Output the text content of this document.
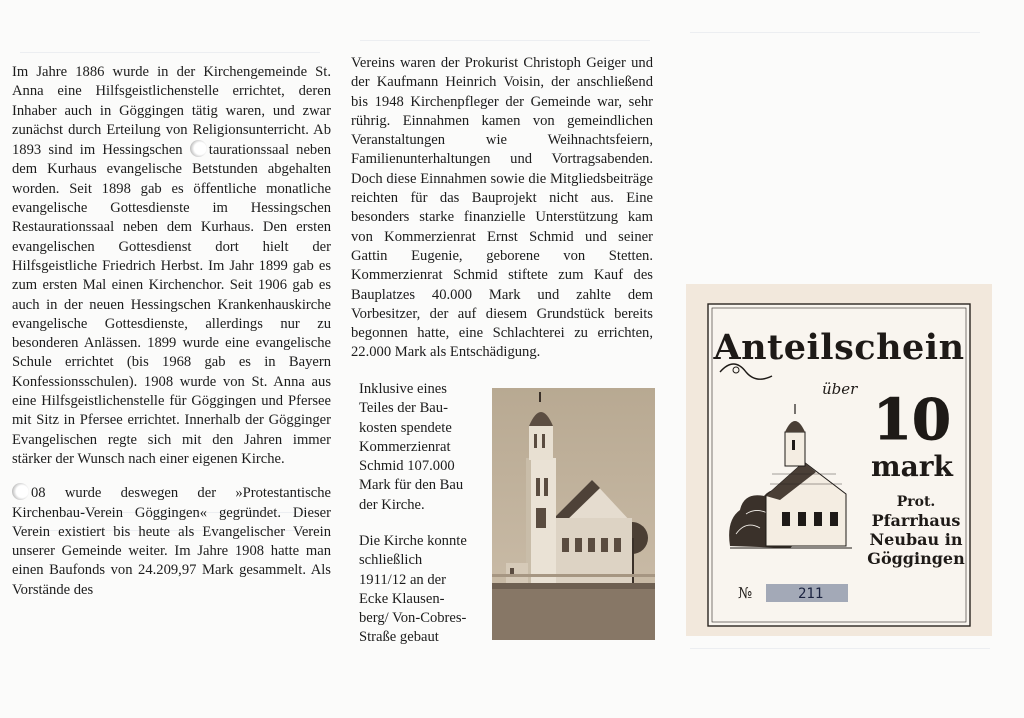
Im Jahre 1886 wurde in der Kirchengemeinde St. Anna eine Hilfsgeistlichenstelle errichtet, deren Inhaber auch in Göggingen tätig waren, und zwar zunächst durch Erteilung von Religionsunterricht. Ab 1893 sind im Hessingschen taurationssaal neben dem Kurhaus evangelische Betstunden abgehalten worden. Seit 1898 gab es öffentliche monatliche evangelische Gottesdienste im Hessingschen Restaurationssaal neben dem Kurhaus. Den ersten evangelischen Gottesdienst dort hielt der Hilfsgeistliche Friedrich Herbst. Im Jahr 1899 gab es zum ersten Mal einen Kirchenchor. Seit 1906 gab es auch in der neuen Hessingschen Krankenhauskirche evangelische Gottesdienste, allerdings nur zu besonderen Anlässen. 1899 wurde eine evangelische Schule errichtet (bis 1968 gab es in Bayern Konfessionsschulen). 1908 wurde von St. Anna aus eine Hilfsgeistlichenstelle für Göggingen und Pfersee mit Sitz in Pfersee errichtet. Innerhalb der Gögginger Evangelischen regte sich mit den Jahren immer stärker der Wunsch nach einer eigenen Kirche.

08 wurde deswegen der »Protestantische Kirchenbau-Verein Göggingen« gegründet. Dieser Verein existiert bis heute als Evangelischer Verein unserer Gemeinde weiter. Im Jahre 1908 hatte man einen Baufonds von 24.209,97 Mark gesammelt. Als Vorstände des

Vereins waren der Prokurist Christoph Geiger und der Kaufmann Heinrich Voisin, der anschließend bis 1948 Kirchenpfleger der Gemeinde war, sehr rührig. Einnahmen kamen von gemeindlichen Veranstaltungen wie Weihnachtsfeiern, Familienunterhaltungen und Vortragsabenden. Doch diese Einnahmen sowie die Mitgliedsbeiträge reichten für das Bauprojekt nicht aus. Eine besonders starke finanzielle Unterstützung kam von Kommerzienrat Ernst Schmid und seiner Gattin Eugenie, geborene von Stetten. Kommerzienrat Schmid stiftete zum Kauf des Bauplatzes 40.000 Mark und zahlte dem Vorbesitzer, der auf diesem Grundstück bereits begonnen hatte, eine Schlachterei zu errichten, 22.000 Mark als Entschädigung.

Inklusive eines
Teiles der Bau-
kosten spendete
Kommerzienrat
Schmid 107.000
Mark für den Bau
der Kirche.
Die Kirche konnte
schließlich
1911/12 an der
Ecke Klausen-
berg/ Von-Cobres-
Straße gebaut
Anteilschein
über 10
mark
Prot.
Pfarrhaus
Neubau in
Göggingen
№	211
